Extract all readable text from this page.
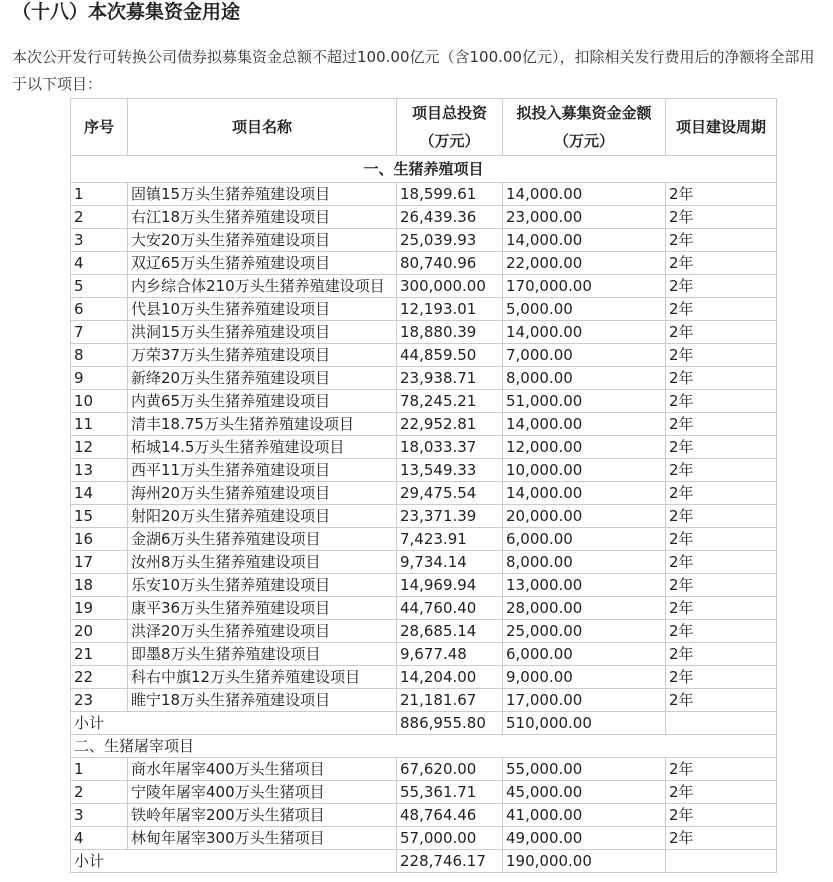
（十八）本次募集资金用途

本次公开发行可转换公司债券拟募集资金总额不超过100.00亿元（含100.00亿元），扣除相关发行费用后的净额将全部用于以下项目：

序号	项目名称	项目总投资（万元）	拟投入募集资金金额（万元）	项目建设周期
一、生猪养殖项目				
1	固镇15万头生猪养殖建设项目	18,599.61	14,000.00	2年
2	右江18万头生猪养殖建设项目	26,439.36	23,000.00	2年
3	大安20万头生猪养殖建设项目	25,039.93	14,000.00	2年
4	双辽65万头生猪养殖建设项目	80,740.96	22,000.00	2年
5	内乡综合体210万头生猪养殖建设项目	300,000.00	170,000.00	2年
6	代县10万头生猪养殖建设项目	12,193.01	5,000.00	2年
7	洪洞15万头生猪养殖建设项目	18,880.39	14,000.00	2年
8	万荣37万头生猪养殖建设项目	44,859.50	7,000.00	2年
9	新绛20万头生猪养殖建设项目	23,938.71	8,000.00	2年
10	内黄65万头生猪养殖建设项目	78,245.21	51,000.00	2年
11	清丰18.75万头生猪养殖建设项目	22,952.81	14,000.00	2年
12	柘城14.5万头生猪养殖建设项目	18,033.37	12,000.00	2年
13	西平11万头生猪养殖建设项目	13,549.33	10,000.00	2年
14	海州20万头生猪养殖建设项目	29,475.54	14,000.00	2年
15	射阳20万头生猪养殖建设项目	23,371.39	20,000.00	2年
16	金湖6万头生猪养殖建设项目	7,423.91	6,000.00	2年
17	汝州8万头生猪养殖建设项目	9,734.14	8,000.00	2年
18	乐安10万头生猪养殖建设项目	14,969.94	13,000.00	2年
19	康平36万头生猪养殖建设项目	44,760.40	28,000.00	2年
20	洪泽20万头生猪养殖建设项目	28,685.14	25,000.00	2年
21	即墨8万头生猪养殖建设项目	9,677.48	6,000.00	2年
22	科右中旗12万头生猪养殖建设项目	14,204.00	9,000.00	2年
23	睢宁18万头生猪养殖建设项目	21,181.67	17,000.00	2年
小计		886,955.80	510,000.00	
二、生猪屠宰项目				
1	商水年屠宰400万头生猪项目	67,620.00	55,000.00	2年
2	宁陵年屠宰400万头生猪项目	55,361.71	45,000.00	2年
3	铁岭年屠宰200万头生猪项目	48,764.46	41,000.00	2年
4	林甸年屠宰300万头生猪项目	57,000.00	49,000.00	2年
小计		228,746.17	190,000.00	
